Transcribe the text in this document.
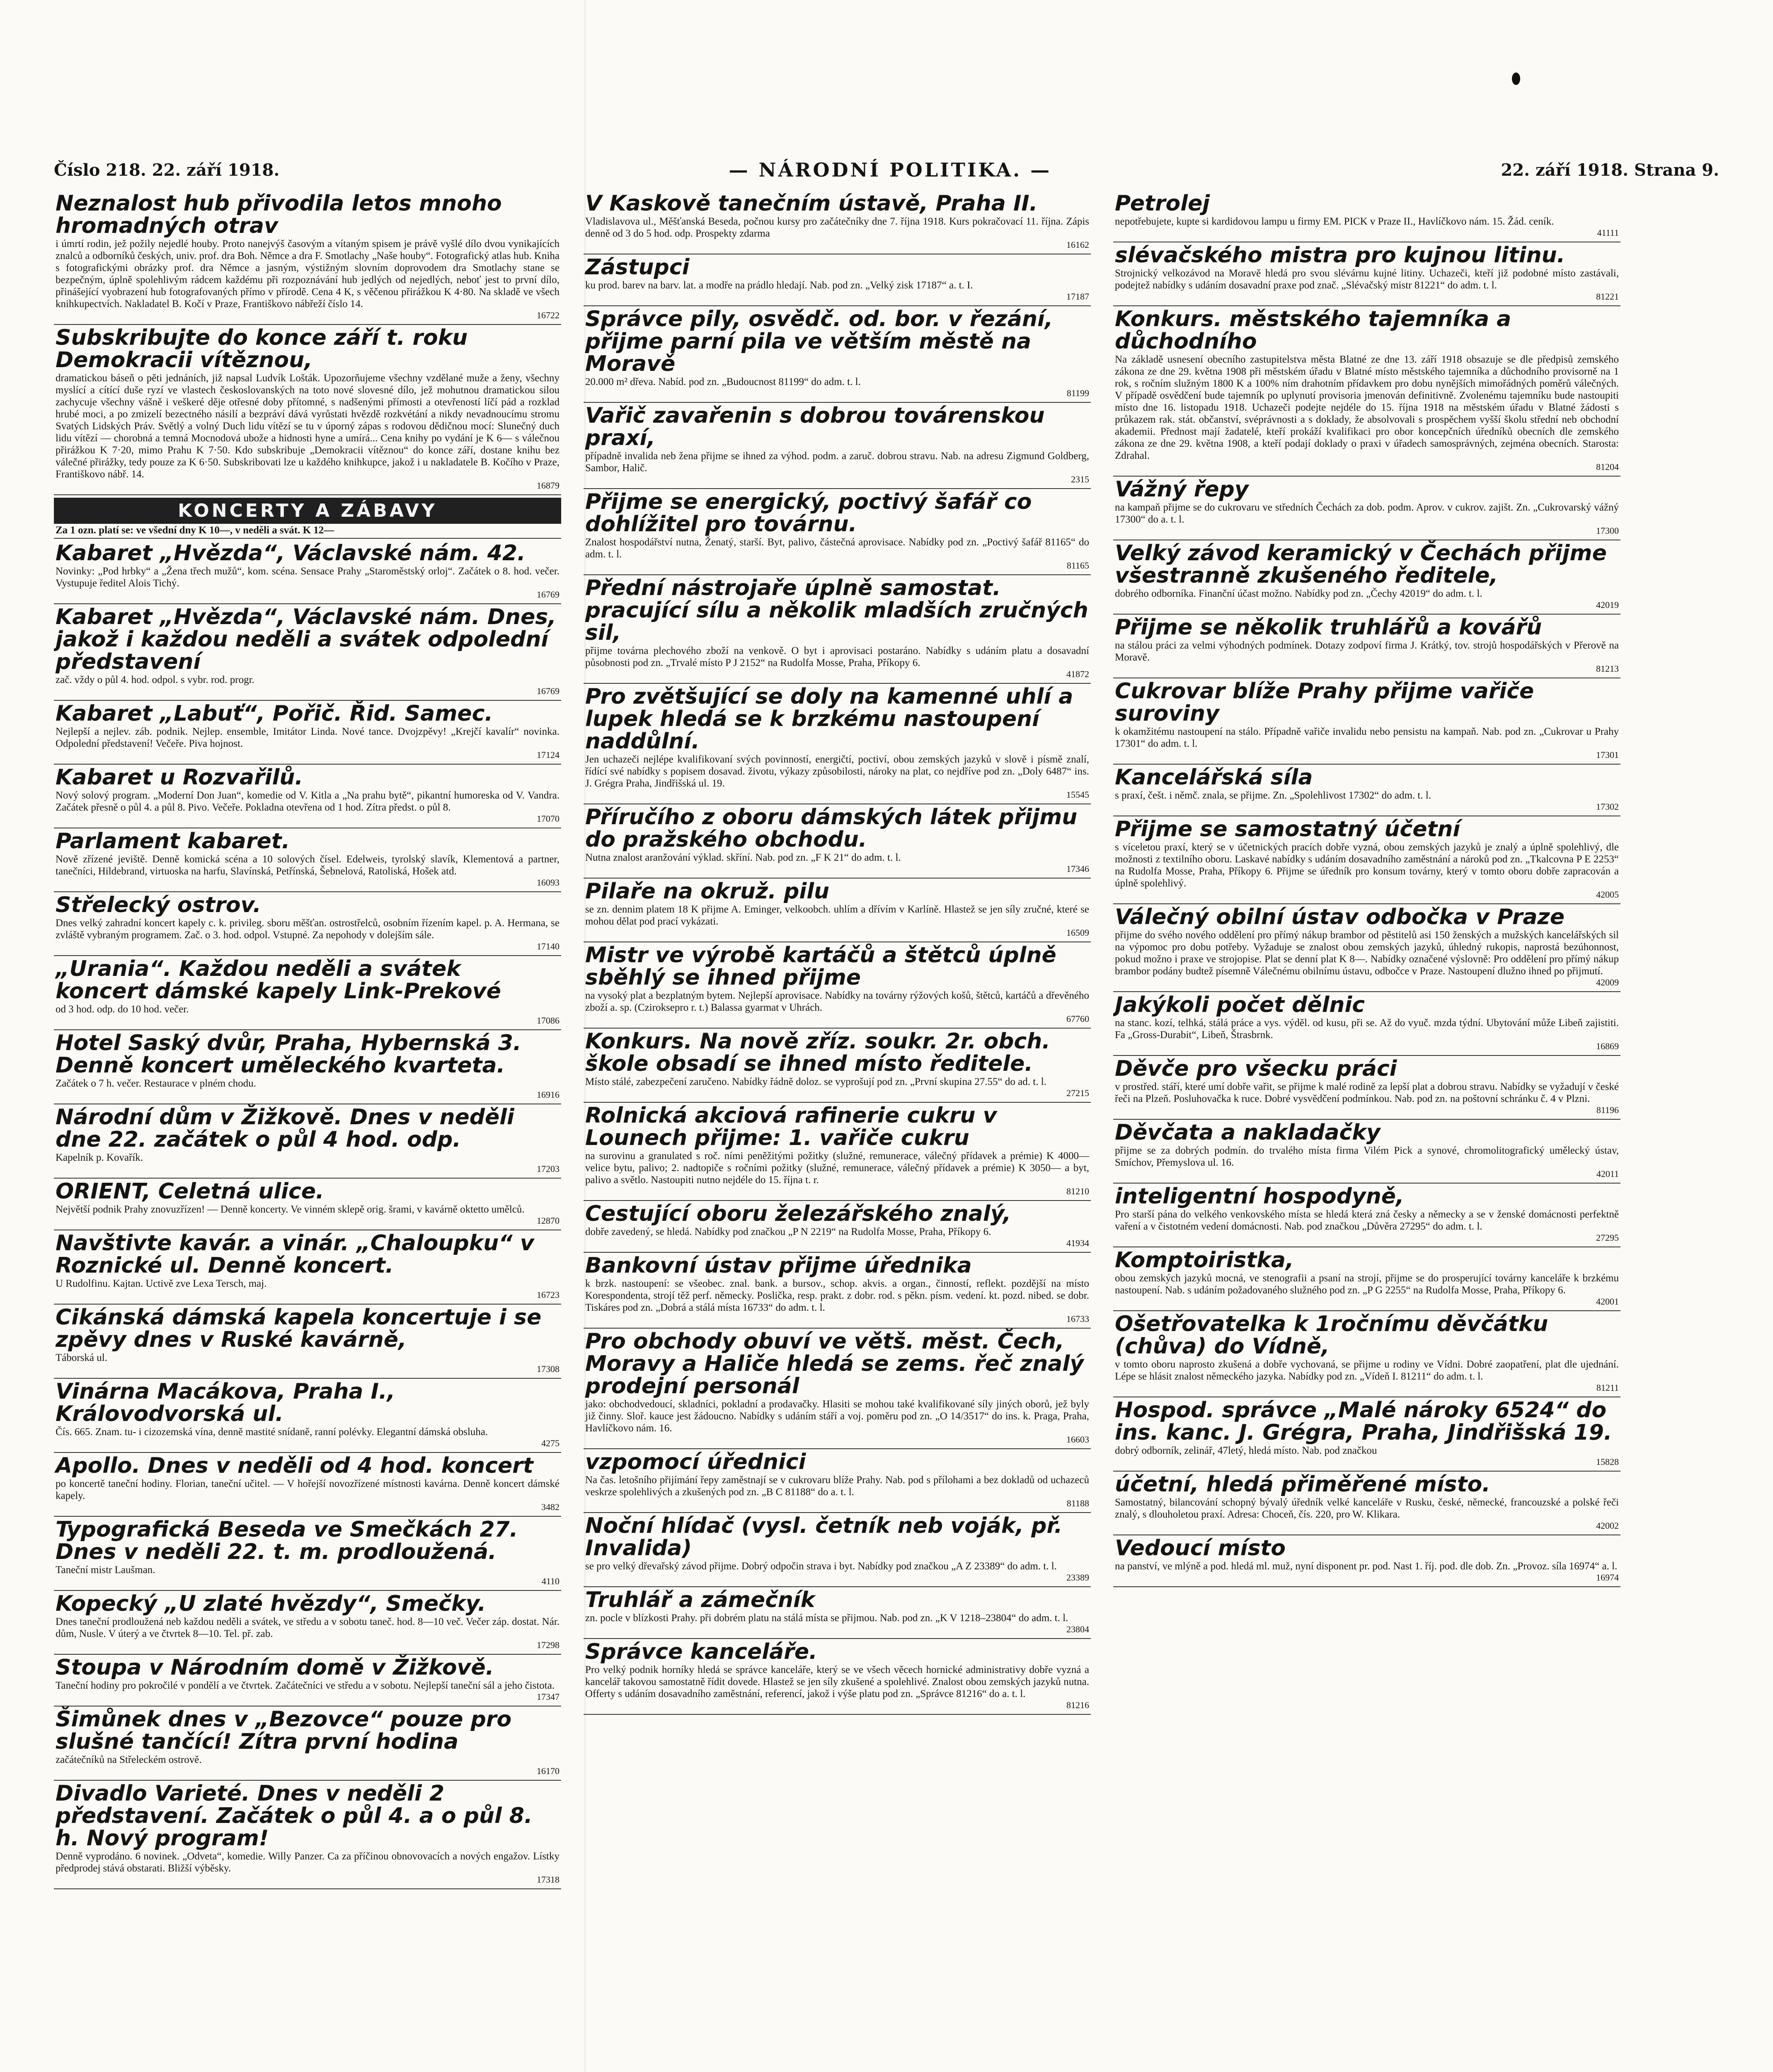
Číslo 218. 22. září 1918.	— NÁRODNÍ POLITIKA. —	22. září 1918. Strana 9.
Neznalost hub přivodila letos mnoho hromadných otrav

i úmrtí rodin, jež požily nejedlé houby. Proto nanejvýš časovým a vítaným spisem je právě vyšlé dílo dvou vynikajících znalců a odborníků českých, univ. prof. dra Boh. Němce a dra F. Smotlachy „Naše houby“. Fotografický atlas hub. Kniha s fotografickými obrázky prof. dra Němce a jasným, výstižným slovním doprovodem dra Smotlachy stane se bezpečným, úplně spolehlivým rádcem každému při rozpoznávání hub jedlých od nejedlých, neboť jest to první dílo, přinášející vyobrazení hub fotografovaných přímo v přírodě. Cena 4 K, s věčenou přirážkou K 4·80. Na skladě ve všech knihkupectvích. Nakladatel B. Kočí v Praze, Františkovo nábřeží číslo 14.

16722

Subskribujte do konce září t. roku Demokracii vítěznou,

dramatickou báseň o pěti jednáních, již napsal Ludvík Lošták. Upozorňujeme všechny vzdělané muže a ženy, všechny myslící a cítící duše ryzí ve vlastech českoslovanských na toto nové slovesné dílo, jež mohutnou dramatickou silou zachycuje všechny vášně i veškeré děje otřesné doby přítomné, s nadšenými přímosti a otevřeností líčí pád a rozklad hrubé moci, a po zmizelí bezectného násilí a bezpráví dává vyrůstati hvězdě rozkvétání a nikdy nevadnoucímu stromu Svatých Lidských Práv. Světlý a volný Duch lidu vítězí se tu v úporný zápas s rodovou dědičnou mocí: Slunečný duch lidu vítězí — chorobná a temná Mocnodová ubože a hidnosti hyne a umírá... Cena knihy po vydání je K 6— s válečnou přirážkou K 7·20, mimo Prahu K 7·50. Kdo subskribuje „Demokracii vítěznou“ do konce září, dostane knihu bez válečné přirážky, tedy pouze za K 6·50. Subskribovati lze u každého knihkupce, jakož i u nakladatele B. Kočího v Praze, Františkovo nábř. 14.

16879

KONCERTY A ZÁBAVY

Za 1 ozn. platí se: ve všední dny K 10—, v neděli a svát. K 12—

Kabaret „Hvězda“, Václavské nám. 42.

Novinky: „Pod hrbky“ a „Žena třech mužů“, kom. scéna. Sensace Prahy „Staroměstský orloj“. Začátek o 8. hod. večer. Vystupuje ředitel Alois Tichý.

16769

Kabaret „Hvězda“, Václavské nám. Dnes, jakož i každou neděli a svátek odpolední představení

zač. vždy o půl 4. hod. odpol. s vybr. rod. progr.

16769

Kabaret „Labuť“, Pořič. Řid. Samec.

Nejlepší a nejlev. záb. podnik. Nejlep. ensemble, Imitátor Linda. Nové tance. Dvojzpěvy! „Krejčí kavalír“ novinka. Odpolední představení! Večeře. Piva hojnost.

17124

Kabaret u Rozvařilů.

Nový solový program. „Moderní Don Juan“, komedie od V. Kitla a „Na prahu bytě“, pikantní humoreska od V. Vandra. Začátek přesně o půl 4. a půl 8. Pivo. Večeře. Pokladna otevřena od 1 hod. Zítra předst. o půl 8.

17070

Parlament kabaret.

Nově zřízené jeviště. Denně komická scéna a 10 solových čísel. Edelweis, tyrolský slavík, Klementová a partner, tanečníci, Hildebrand, virtuoska na harfu, Slavínská, Petřínská, Šebnelová, Ratoliská, Hošek atd.

16093

Střelecký ostrov.

Dnes velký zahradní koncert kapely c. k. privileg. sboru měšťan. ostrostřelců, osobním řízením kapel. p. A. Hermana, se zvláště vybraným programem. Zač. o 3. hod. odpol. Vstupné. Za nepohody v dolejším sále.

17140

„Urania“. Každou neděli a svátek koncert dámské kapely Link-Prekové

od 3 hod. odp. do 10 hod. večer.

17086

Hotel Saský dvůr, Praha, Hybernská 3. Denně koncert uměleckého kvarteta.

Začátek o 7 h. večer. Restaurace v plném chodu.

16916

Národní dům v Žižkově. Dnes v neděli dne 22. začátek o půl 4 hod. odp.

Kapelník p. Kovařík.

17203

ORIENT, Celetná ulice.

Největší podnik Prahy znovuzřízen! — Denně koncerty. Ve vinném sklepě orig. šrami, v kavárně oktetto umělců.

12870

Navštivte kavár. a vinár. „Chaloupku“ v Roznické ul. Denně koncert.

U Rudolfinu. Kajtan. Uctivě zve Lexa Tersch, maj.

16723

Cikánská dámská kapela koncertuje i se zpěvy dnes v Ruské kavárně,

Táborská ul.

17308

Vinárna Macákova, Praha I., Královodvorská ul.

Čís. 665. Znam. tu- i cizozemská vína, denně mastité snídaně, ranní polévky. Elegantní dámská obsluha.

4275

Apollo. Dnes v neděli od 4 hod. koncert

po koncertě taneční hodiny. Florian, taneční učitel. — V hořejší novozřízené místnosti kavárna. Denně koncert dámské kapely.

3482

Typografická Beseda ve Smečkách 27. Dnes v neděli 22. t. m. prodloužená.

Taneční mistr Laušman.

4110

Kopecký „U zlaté hvězdy“, Smečky.

Dnes taneční prodloužená neb každou neděli a svátek, ve středu a v sobotu taneč. hod. 8—10 več. Večer záp. dostat. Nár. dům, Nusle. V úterý a ve čtvrtek 8—10. Tel. př. zab.

17298

Stoupa v Národním domě v Žižkově.

Taneční hodiny pro pokročilé v pondělí a ve čtvrtek. Začátečníci ve středu a v sobotu. Nejlepší taneční sál a jeho čistota.

17347

Šimůnek dnes v „Bezovce“ pouze pro slušné tančící! Zítra první hodina

začátečníků na Střeleckém ostrově.

16170

Divadlo Varieté. Dnes v neděli 2 představení. Začátek o půl 4. a o půl 8. h. Nový program!

Denně vyprodáno. 6 novinek. „Odveta“, komedie. Willy Panzer. Ca za příčinou obnovovacích a nových engažov. Lístky předprodej stává obstarati. Bližší výběsky.

17318

V Kaskově tanečním ústavě, Praha II.

Vladislavova ul., Měšťanská Beseda, počnou kursy pro začátečníky dne 7. října 1918. Kurs pokračovací 11. října. Zápis denně od 3 do 5 hod. odp. Prospekty zdarma

16162

Zástupci

ku prod. barev na barv. lat. a modře na prádlo hledají. Nab. pod zn. „Velký zisk 17187“ a. t. I.

17187

Správce pily, osvědč. od. bor. v řezání, přijme parní pila ve větším městě na Moravě

20.000 m² dřeva. Nabíd. pod zn. „Budoucnost 81199“ do adm. t. l.

81199

Vařič zavařenin s dobrou továrenskou praxí,

případně invalida neb žena přijme se ihned za výhod. podm. a zaruč. dobrou stravu. Nab. na adresu Zigmund Goldberg, Sambor, Halič.

2315

Přijme se energický, poctivý šafář co dohlížitel pro továrnu.

Znalost hospodářství nutna, Ženatý, starší. Byt, palivo, částečná aprovisace. Nabídky pod zn. „Poctivý šafář 81165“ do adm. t. l.

81165

Přední nástrojaře úplně samostat. pracující sílu a několik mladších zručných sil,

přijme továrna plechového zboží na venkově. O byt i aprovisaci postaráno. Nabídky s udáním platu a dosavadní působnosti pod zn. „Trvalé místo P J 2152“ na Rudolfa Mosse, Praha, Příkopy 6.

41872

Pro zvětšující se doly na kamenné uhlí a lupek hledá se k brzkému nastoupení naddůlní.

Jen uchazeči nejlépe kvalifikovaní svých povinností, energičtí, poctiví, obou zemských jazyků v slově i písmě znalí, řídící své nabídky s popisem dosavad. životu, výkazy způsobilosti, nároky na plat, co nejdříve pod zn. „Doly 6487“ ins. J. Grégra Praha, Jindřišská ul. 19.

15545

Příručího z oboru dámských látek přijmu do pražského obchodu.

Nutna znalost aranžování výklad. skříní. Nab. pod zn. „F K 21“ do adm. t. l.

17346

Pilaře na okruž. pilu

se zn. dennim platem 18 K přijme A. Eminger, velkoobch. uhlím a dřívím v Karlíně. Hlastež se jen síly zručné, které se mohou dělat pod prací vykázati.

16509

Mistr ve výrobě kartáčů a štětců úplně sběhlý se ihned přijme

na vysoký plat a bezplatným bytem. Nejlepší aprovisace. Nabídky na továrny rýžových košů, štětců, kartáčů a dřevěného zboží a. sp. (Cziroksepro r. t.) Balassa gyarmat v Uhrách.

67760

Konkurs. Na nově zříz. soukr. 2r. obch. škole obsadí se ihned místo ředitele.

Místo stálé, zabezpečení zaručeno. Nabídky řádně doloz. se vyprošují pod zn. „První skupina 27.55“ do ad. t. l.

27215

Rolnická akciová rafinerie cukru v Lounech přijme: 1. vařiče cukru

na surovinu a granulated s roč. ními peněžitými požitky (služné, remunerace, válečný přídavek a prémie) K 4000— velice bytu, palivo; 2. nadtopiče s ročními požitky (služné, remunerace, válečný přídavek a prémie) K 3050— a byt, palivo a světlo. Nastoupiti nutno nejdéle do 15. října t. r.

81210

Cestující oboru železářského znalý,

dobře zavedený, se hledá. Nabídky pod značkou „P N 2219“ na Rudolfa Mosse, Praha, Příkopy 6.

41934

Bankovní ústav přijme úřednika

k brzk. nastoupení: se všeobec. znal. bank. a bursov., schop. akvis. a organ., činností, reflekt. pozdější na místo Korespondenta, strojí těž perf. německy. Poslička, resp. prakt. z dobr. rod. s pěkn. písm. vedení. kt. pozd. nibed. se dobr. Tiskáres pod zn. „Dobrá a stálá místa 16733“ do adm. t. l.

16733

Pro obchody obuví ve větš. měst. Čech, Moravy a Haliče hledá se zems. řeč znalý prodejní personál

jako: obchodvedoucí, skladníci, pokladní a prodavačky. Hlasiti se mohou také kvalifikované síly jiných oborů, jež byly již činny. Sloř. kauce jest žádoucno. Nabídky s udáním stáří a voj. poměru pod zn. „O 14/3517“ do ins. k. Praga, Praha, Havlíčkovo nám. 16.

16603

vzpomocí úřednici

Na čas. letošního přijímání řepy zaměstnají se v cukrovaru blíže Prahy. Nab. pod s přílohami a bez dokladů od uchazeců veskrze spolehlivých a zkušených pod zn. „B C 81188“ do a. t. l.

81188

Noční hlídač (vysl. četník neb voják, př. Invalida)

se pro velký dřevařský závod přijme. Dobrý odpočin strava i byt. Nabídky pod značkou „A Z 23389“ do adm. t. l.

23389

Truhlář a zámečník

zn. pocle v blízkosti Prahy. při dobrém platu na stálá místa se přijmou. Nab. pod zn. „K V 1218–23804“ do adm. t. l.

23804

Správce kanceláře.

Pro velký podnik horníky hledá se správce kanceláře, který se ve všech věcech hornické administrativy dobře vyzná a kancelář takovou samostatně řídit dovede. Hlastež se jen síly zkušené a spolehlivé. Znalost obou zemských jazyků nutna. Offerty s udáním dosavadního zaměstnání, referencí, jakož i výše platu pod zn. „Správce 81216“ do a. t. l.

81216

Petrolej

nepotřebujete, kupte si kardidovou lampu u firmy EM. PICK v Praze II., Havlíčkovo nám. 15. Žád. ceník.

41111

slévačského mistra pro kujnou litinu.

Strojnický velkozávod na Moravě hledá pro svou slévárnu kujné litiny. Uchazeči, kteří již podobné místo zastávali, podejtež nabídky s udáním dosavadní praxe pod znač. „Slévačský mistr 81221“ do adm. t. l.

81221

Konkurs. městského tajemníka a důchodního

Na základě usnesení obecního zastupitelstva města Blatné ze dne 13. září 1918 obsazuje se dle předpisů zemského zákona ze dne 29. května 1908 při městském úřadu v Blatné místo městského tajemníka a důchodního provisorně na 1 rok, s ročním služným 1800 K a 100% ním drahotním přídavkem pro dobu nynějších mimořádných poměrů válečných. V případě osvědčení bude tajemník po uplynutí provisoria jmenován definitivně. Zvolenému tajemníku bude nastoupiti místo dne 16. listopadu 1918. Uchazeči podejte nejdéle do 15. října 1918 na městském úřadu v Blatné žádosti s průkazem rak. stát. občanství, svéprávnosti a s doklady, že absolvovali s prospěchem vyšší školu střední neb obchodní akademii. Přednost mají žadatelé, kteří prokáží kvalifikaci pro obor koncepčních úředníků obecních dle zemského zákona ze dne 29. května 1908, a kteří podají doklady o praxi v úřadech samosprávných, zejména obecních. Starosta: Zdrahal.

81204

Vážný řepy

na kampaň přijme se do cukrovaru ve středních Čechách za dob. podm. Aprov. v cukrov. zajišt. Zn. „Cukrovarský vážný 17300“ do a. t. l.

17300

Velký závod keramický v Čechách přijme všestranně zkušeného ředitele,

dobrého odborníka. Finanční účast možno. Nabídky pod zn. „Čechy 42019“ do adm. t. l.

42019

Přijme se několik truhlářů a kovářů

na stálou práci za velmi výhodných podmínek. Dotazy zodpoví firma J. Krátký, tov. strojů hospodářských v Přerově na Moravě.

81213

Cukrovar blíže Prahy přijme vařiče suroviny

k okamžitému nastoupení na stálo. Případně vařiče invalidu nebo pensistu na kampaň. Nab. pod zn. „Cukrovar u Prahy 17301“ do adm. t. l.

17301

Kancelářská síla

s praxí, češt. i němč. znala, se přijme. Zn. „Spolehlivost 17302“ do adm. t. l.

17302

Přijme se samostatný účetní

s víceletou praxí, který se v účetnických pracích dobře vyzná, obou zemských jazyků je znalý a úplně spolehlivý, dle možnosti z textilního oboru. Laskavé nabídky s udáním dosavadního zaměstnání a nároků pod zn. „Tkalcovna P E 2253“ na Rudolfa Mosse, Praha, Příkopy 6. Přijme se úředník pro konsum továrny, který v tomto oboru dobře zapracován a úplně spolehlivý.

42005

Válečný obilní ústav odbočka v Praze

přijme do svého nového oddělení pro přímý nákup brambor od pěstitelů asi 150 ženských a mužských kancelářských sil na výpomoc pro dobu potřeby. Vyžaduje se znalost obou zemských jazyků, úhledný rukopis, naprostá bezúhonnost, pokud možno i praxe ve strojopise. Plat se denní plat K 8—. Nabídky označené výslovně: Pro oddělení pro přímý nákup brambor podány budtež písemně Válečnému obilnímu ústavu, odbočce v Praze. Nastoupení dlužno ihned po přijmutí.

42009

Jakýkoli počet dělnic

na stanc. kozí, telhká, stálá práce a vys. výděl. od kusu, při se. Až do vyuč. mzda týdní. Ubytování může Libeň zajistiti. Fa „Gross-Durabit“, Libeň, Štrasbrnk.

16869

Děvče pro všecku práci

v prostřed. stáří, které umí dobře vařit, se přijme k malé rodině za lepší plat a dobrou stravu. Nabídky se vyžadují v české řeči na Plzeň. Posluhovačka k ruce. Dobré vysvědčení podmínkou. Nab. pod zn. na poštovní schránku č. 4 v Plzni.

81196

Děvčata a nakladačky

přijme se za dobrých podmín. do trvalého místa firma Vilém Pick a synové, chromolitografický umělecký ústav, Smíchov, Přemyslova ul. 16.

42011

inteligentní hospodyně,

Pro starší pána do velkého venkovského místa se hledá která zná česky a německy a se v ženské domácnosti perfektně vaření a v čistotném vedení domácnosti. Nab. pod značkou „Důvěra 27295“ do adm. t. l.

27295

Komptoiristka,

obou zemských jazyků mocná, ve stenografii a psaní na strojí, přijme se do prosperující továrny kanceláře k brzkému nastoupení. Nab. s udáním požadovaného služného pod zn. „P G 2255“ na Rudolfa Mosse, Praha, Příkopy 6.

42001

Ošetřovatelka k 1ročnímu děvčátku (chůva) do Vídně,

v tomto oboru naprosto zkušená a dobře vychovaná, se přijme u rodiny ve Vídni. Dobré zaopatření, plat dle ujednání. Lépe se hlásit znalost německého jazyka. Nabídky pod zn. „Vídeň I. 81211“ do adm. t. l.

81211

Hospod. správce „Malé nároky 6524“ do ins. kanc. J. Grégra, Praha, Jindřišská 19.

dobrý odborník, zelinář, 47letý, hledá místo. Nab. pod značkou

15828

účetní, hledá přiměřené místo.

Samostatný, bilancování schopný bývalý úředník velké kanceláře v Rusku, české, německé, francouzské a polské řeči znalý, s dlouholetou praxí. Adresa: Choceň, čís. 220, pro W. Klikara.

42002

Vedoucí místo

na panství, ve mlýně a pod. hledá ml. muž, nyní disponent pr. pod. Nast 1. říj. pod. dle dob. Zn. „Provoz. síla 16974“ a. l.

16974
